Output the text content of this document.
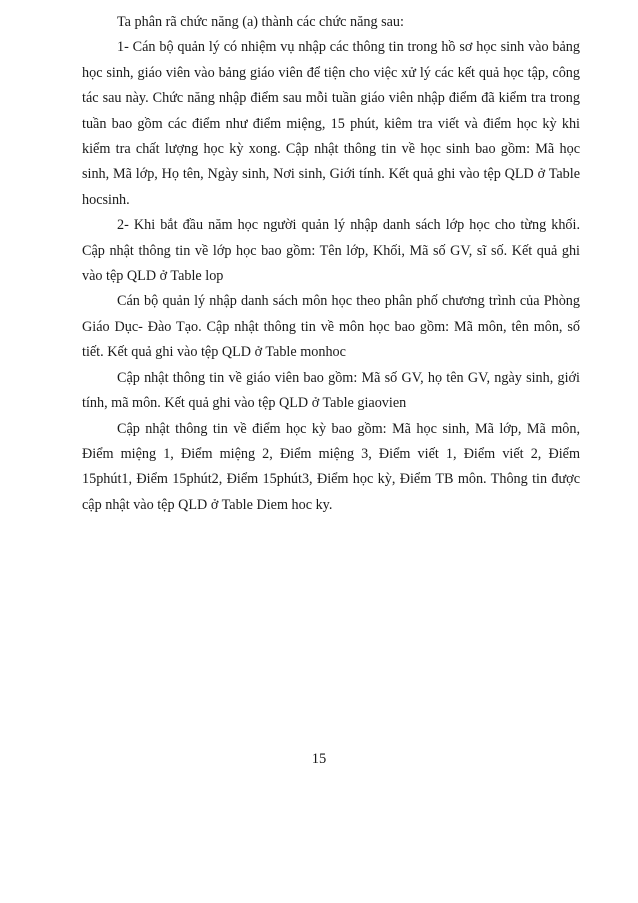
Ta phân rã chức năng (a) thành các chức năng sau:

1- Cán bộ quản lý có nhiệm vụ nhập các thông tin trong hồ sơ học sinh vào bảng học sinh, giáo viên vào bảng giáo viên để tiện cho việc xử lý các kết quả học tập, công tác sau này. Chức năng nhập điểm sau mỗi tuần giáo viên nhập điểm đã kiểm tra trong tuần bao gồm các điểm như điểm miệng, 15 phút, kiêm tra viết và điểm học kỳ khi kiểm tra chất lượng học kỳ xong. Cập nhật thông tin về học sinh bao gồm: Mã học sinh, Mã lớp, Họ tên, Ngày sinh, Nơi sinh, Giới tính. Kết quả ghi vào tệp QLD ở Table hocsinh.

2- Khi bắt đầu năm học người quản lý nhập danh sách lớp học cho từng khối. Cập nhật thông tin về lớp học bao gồm: Tên lớp, Khối, Mã số GV, sĩ số. Kết quả ghi vào tệp QLD ở Table lop

Cán bộ quản lý nhập danh sách môn học theo phân phố chương trình của Phòng Giáo Dục- Đào Tạo. Cập nhật thông tin về môn học bao gồm: Mã môn, tên môn, số tiết. Kết quả ghi vào tệp QLD ở Table monhoc

Cập nhật thông tin về giáo viên bao gồm: Mã số GV, họ tên GV, ngày sinh, giới tính, mã môn. Kết quả ghi vào tệp QLD ở Table giaovien

Cập nhật thông tin về điểm học kỳ bao gồm: Mã học sinh, Mã lớp, Mã môn, Điểm miệng 1, Điểm miệng 2, Điểm miệng 3, Điểm viết 1, Điểm viết 2, Điểm 15phút1, Điểm 15phút2, Điểm 15phút3, Điểm học kỳ, Điểm TB môn. Thông tin được cập nhật vào tệp QLD ở Table Diem hoc ky.

15
